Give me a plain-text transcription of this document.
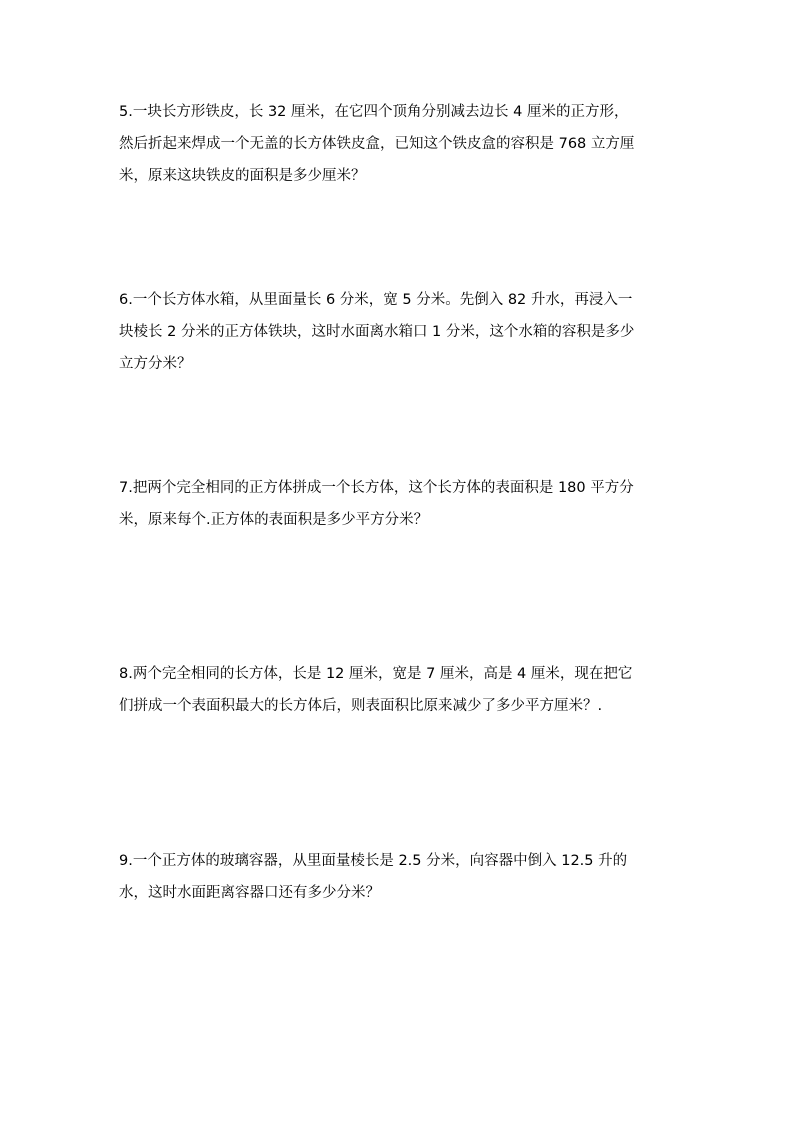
5.一块长方形铁皮，长 32 厘米，在它四个顶角分别减去边长 4 厘米的正方形，
然后折起来焊成一个无盖的长方体铁皮盒，已知这个铁皮盒的容积是 768 立方厘
米，原来这块铁皮的面积是多少厘米？
6.一个长方体水箱，从里面量长 6 分米，宽 5 分米。先倒入 82 升水，再浸入一
块棱长 2 分米的正方体铁块，这时水面离水箱口 1 分米，这个水箱的容积是多少
立方分米？
7.把两个完全相同的正方体拼成一个长方体，这个长方体的表面积是 180 平方分
米，原来每个.正方体的表面积是多少平方分米？
8.两个完全相同的长方体，长是 12 厘米，宽是 7 厘米，高是 4 厘米，现在把它
们拼成一个表面积最大的长方体后，则表面积比原来减少了多少平方厘米？.
9.一个正方体的玻璃容器，从里面量棱长是 2.5 分米，向容器中倒入 12.5 升的
水，这时水面距离容器口还有多少分米？
